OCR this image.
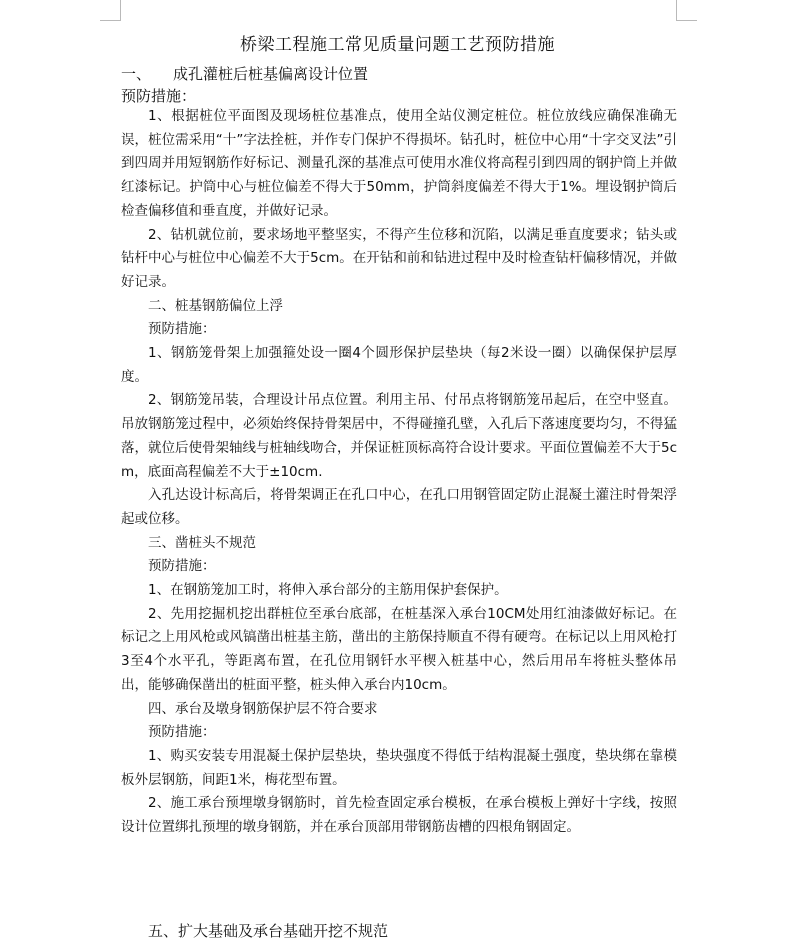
桥梁工程施工常见质量问题工艺预防措施
一、 成孔灌桩后桩基偏离设计位置
预防措施：

1、根据桩位平面图及现场桩位基准点，使用全站仪测定桩位。桩位放线应确保准确无误，桩位需采用“十”字法拴桩，并作专门保护不得损坏。钻孔时，桩位中心用“十字交叉法”引到四周并用短钢筋作好标记、测量孔深的基准点可使用水准仪将高程引到四周的钢护筒上并做红漆标记。护筒中心与桩位偏差不得大于50mm，护筒斜度偏差不得大于1%。埋设钢护筒后检查偏移值和垂直度，并做好记录。

2、钻机就位前，要求场地平整坚实，不得产生位移和沉陷，以满足垂直度要求；钻头或钻杆中心与桩位中心偏差不大于5cm。在开钻和前和钻进过程中及时检查钻杆偏移情况，并做好记录。

二、桩基钢筋偏位上浮

预防措施：

1、钢筋笼骨架上加强箍处设一圈4个圆形保护层垫块（每2米设一圈）以确保保护层厚度。

2、钢筋笼吊装，合理设计吊点位置。利用主吊、付吊点将钢筋笼吊起后，在空中竖直。吊放钢筋笼过程中，必须始终保持骨架居中，不得碰撞孔壁，入孔后下落速度要均匀，不得猛落，就位后使骨架轴线与桩轴线吻合，并保证桩顶标高符合设计要求。平面位置偏差不大于5cm，底面高程偏差不大于±10cm.

入孔达设计标高后，将骨架调正在孔口中心，在孔口用钢管固定防止混凝土灌注时骨架浮起或位移。

三、凿桩头不规范

预防措施：

1、在钢筋笼加工时，将伸入承台部分的主筋用保护套保护。

2、先用挖掘机挖出群桩位至承台底部，在桩基深入承台10CM处用红油漆做好标记。在标记之上用风枪或风镐凿出桩基主筋，凿出的主筋保持顺直不得有硬弯。在标记以上用风枪打3至4个水平孔，等距离布置，在孔位用钢钎水平楔入桩基中心，然后用吊车将桩头整体吊出，能够确保凿出的桩面平整，桩头伸入承台内10cm。

四、承台及墩身钢筋保护层不符合要求

预防措施：

1、购买安装专用混凝土保护层垫块，垫块强度不得低于结构混凝土强度，垫块绑在靠模板外层钢筋，间距1米，梅花型布置。

2、施工承台预埋墩身钢筋时，首先检查固定承台模板，在承台模板上弹好十字线，按照设计位置绑扎预埋的墩身钢筋，并在承台顶部用带钢筋齿槽的四根角钢固定。

五、扩大基础及承台基础开挖不规范
